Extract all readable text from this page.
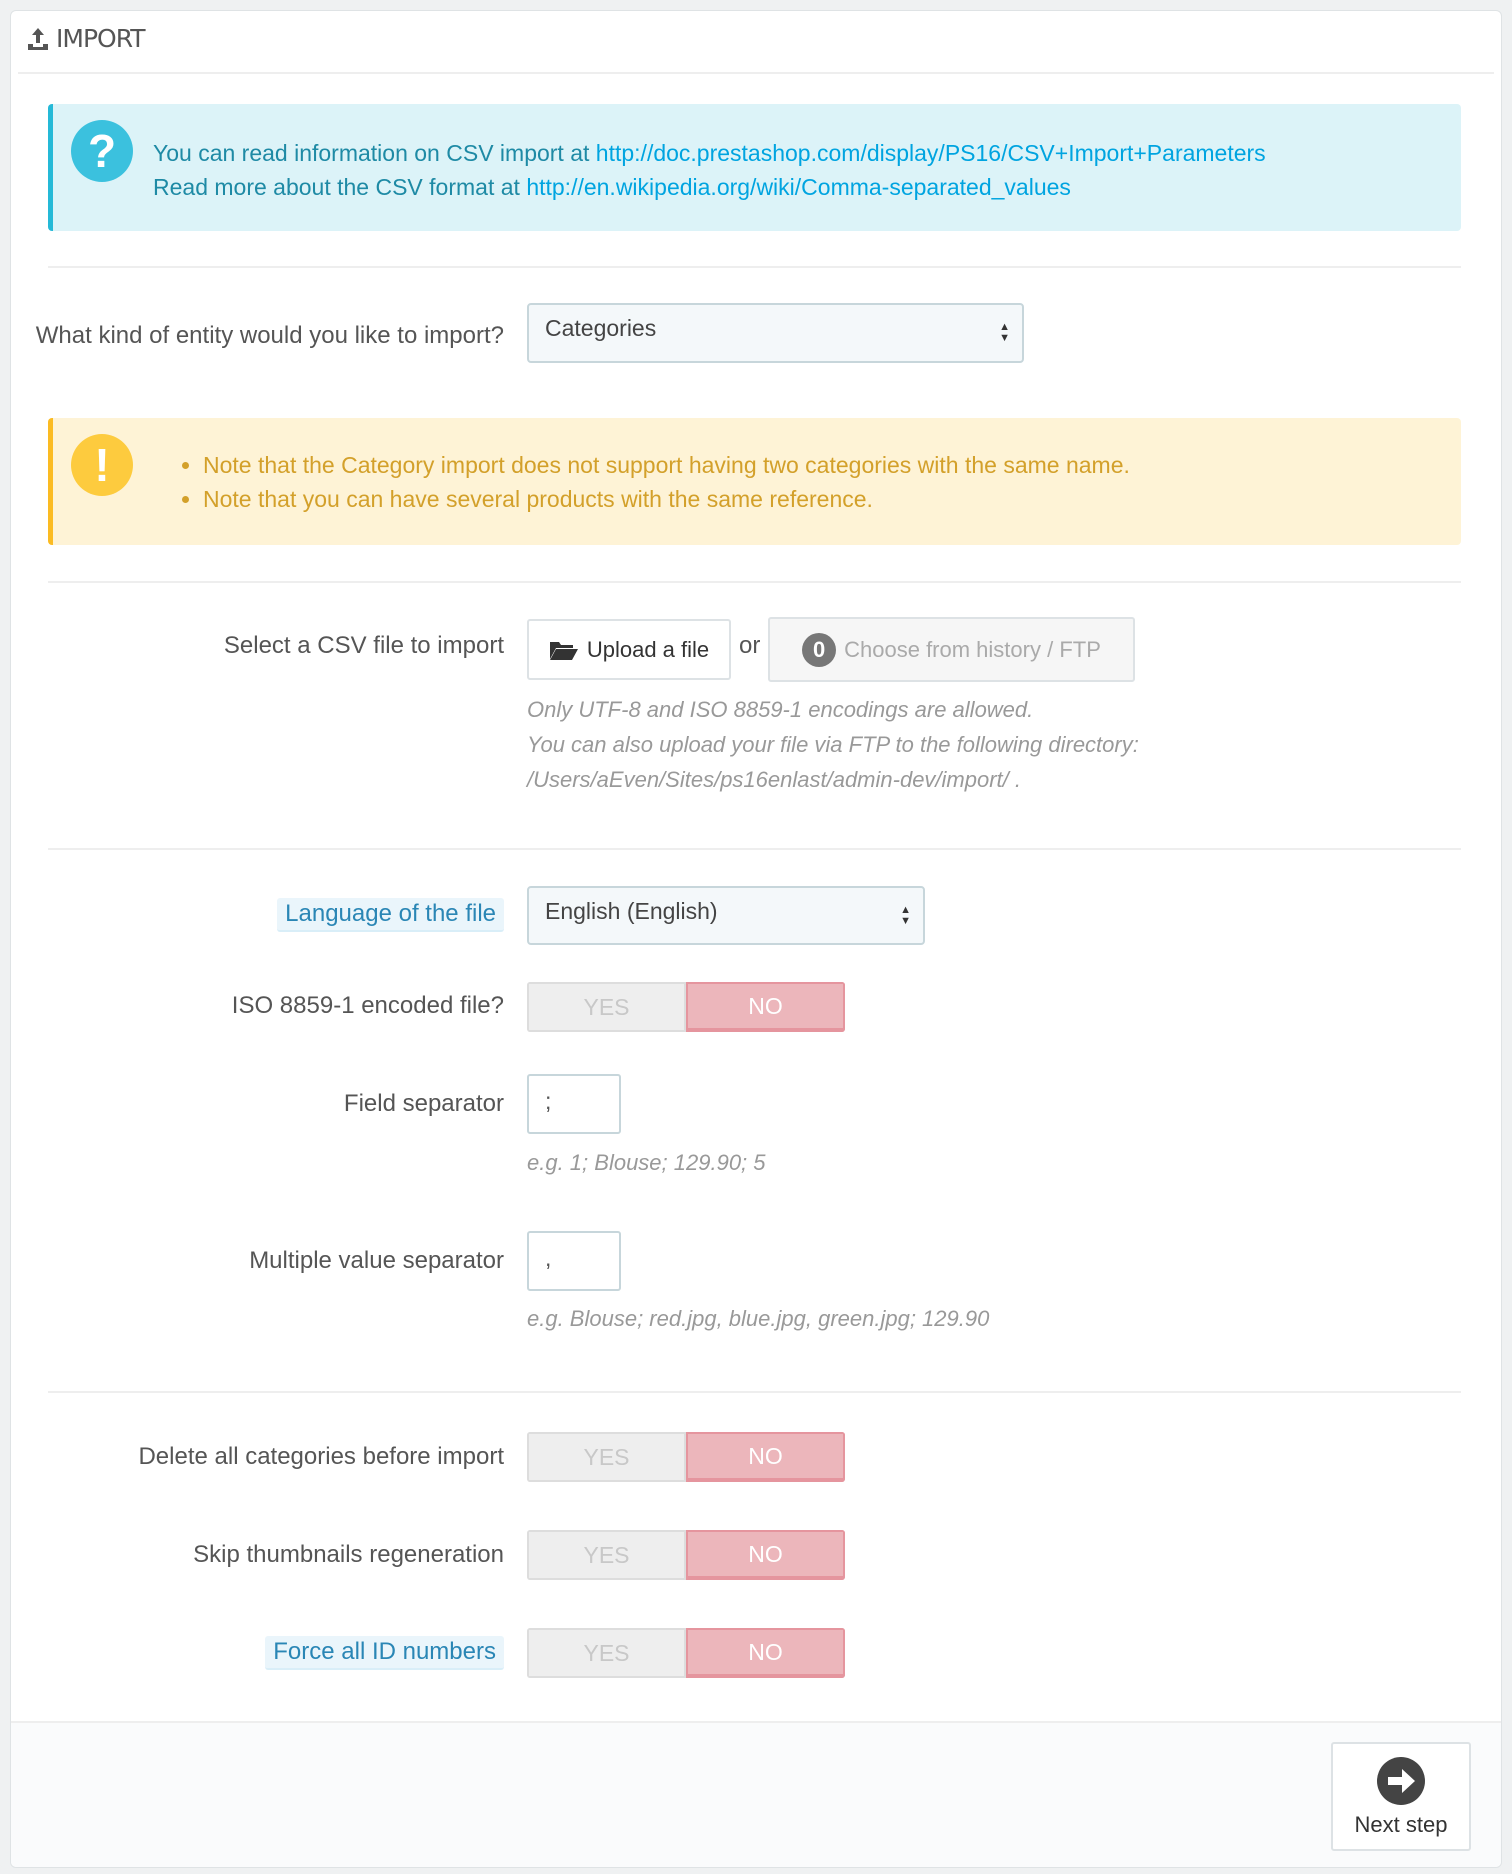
IMPORT
?	You can read information on CSV import at http://doc.prestashop.com/display/PS16/CSV+Import+Parameters
Read more about the CSV format at http://en.wikipedia.org/wiki/Comma-separated_values
What kind of entity would you like to import?	Categories	▲
▼
!	• Note that the Category import does not support having two categories with the same name.
• Note that you can have several products with the same reference.
Select a CSV file to import	Upload a file or	0 Choose from history / FTP
Only UTF-8 and ISO 8859-1 encodings are allowed.
You can also upload your file via FTP to the following directory:
/Users/aEven/Sites/ps16enlast/admin-dev/import/ .
Language of the file	English (English)	▲
▼
ISO 8859-1 encoded file?	YES	NO
Field separator	;
e.g. 1; Blouse; 129.90; 5
Multiple value separator	,
e.g. Blouse; red.jpg, blue.jpg, green.jpg; 129.90
Delete all categories before import	YES	NO
Skip thumbnails regeneration	YES	NO
Force all ID numbers	YES	NO
Next step
